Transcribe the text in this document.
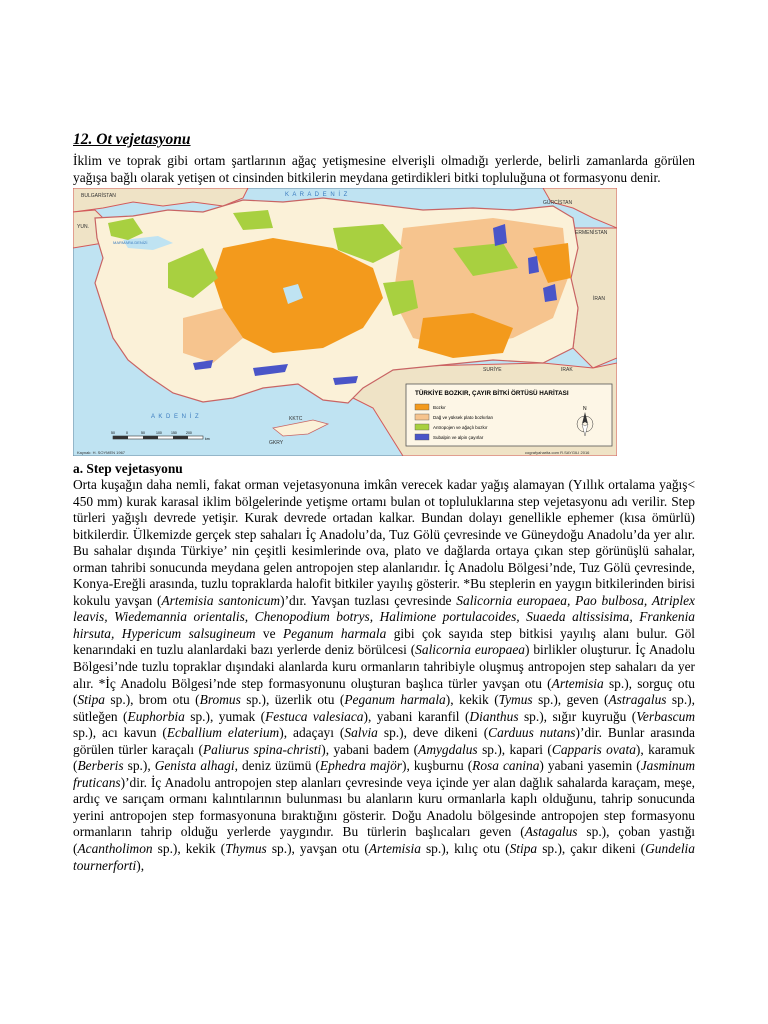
12. Ot vejetasyonu

İklim ve toprak gibi ortam şartlarının ağaç yetişmesine elverişli olmadığı yerlerde, belirli zamanlarda görülen yağışa bağlı olarak yetişen ot cinsinden bitkilerin meydana getirdikleri bitki topluluğuna ot formasyonu denir.

BULGARİSTAN
GÜRCİSTAN
YUN.
ERMENİSTAN
İRAN
SURİYE	IRAK
KKTC
GKRY
K A R A D E N İ Z
A K D E N İ Z
MARMARA DENİZİ
50	0	50	100	150	200
km
TÜRKİYE BOZKIR, ÇAYIR BİTKİ ÖRTÜSÜ HARİTASI
Bozkır
Dağ ve yüksek plato bozkırları
Antropojen ve ağaçlı bozkır
Subalpin ve alpin çayırlar
N
Kaynak: H. SOYMEN 1967	cografyaharita.com R.SAYGILI 2016
a. Step vejetasyonu

Orta kuşağın daha nemli, fakat orman vejetasyonuna imkân verecek kadar yağış alamayan (Yıllık ortalama yağış< 450 mm) kurak karasal iklim bölgelerinde yetişme ortamı bulan ot topluluklarına step vejetasyonu adı verilir. Step türleri yağışlı devrede yetişir. Kurak devrede ortadan kalkar. Bundan dolayı genellikle ephemer (kısa ömürlü) bitkilerdir. Ülkemizde gerçek step sahaları İç Anadolu’da, Tuz Gölü çevresinde ve Güneydoğu Anadolu’da yer alır. Bu sahalar dışında Türkiye’ nin çeşitli kesimlerinde ova, plato ve dağlarda ortaya çıkan step görünüşlü sahalar, orman tahribi sonucunda meydana gelen antropojen step alanlarıdır. İç Anadolu Bölgesi’nde, Tuz Gölü çevresinde, Konya-Ereğli arasında, tuzlu topraklarda halofit bitkiler yayılış gösterir. *Bu steplerin en yaygın bitkilerinden birisi kokulu yavşan (Artemisia santonicum)’dır. Yavşan tuzlası çevresinde Salicornia europaea, Pao bulbosa, Atriplex leavis, Wiedemannia orientalis, Chenopodium botrys, Halimione portulacoides, Suaeda altissisima, Frankenia hirsuta, Hypericum salsugineum ve Peganum harmala gibi çok sayıda step bitkisi yayılış alanı bulur. Göl kenarındaki en tuzlu alanlardaki bazı yerlerde deniz börülcesi (Salicornia europaea) birlikler oluşturur. İç Anadolu Bölgesi’nde tuzlu topraklar dışındaki alanlarda kuru ormanların tahribiyle oluşmuş antropojen step sahaları da yer alır. *İç Anadolu Bölgesi’nde step formasyonunu oluşturan başlıca türler yavşan otu (Artemisia sp.), sorguç otu (Stipa sp.), brom otu (Bromus sp.), üzerlik otu (Peganum harmala), kekik (Tymus sp.), geven (Astragalus sp.), sütleğen (Euphorbia sp.), yumak (Festuca valesiaca), yabani karanfil (Dianthus sp.), sığır kuyruğu (Verbascum sp.), acı kavun (Ecballium elaterium), adaçayı (Salvia sp.), deve dikeni (Carduus nutans)’dir. Bunlar arasında görülen türler karaçalı (Paliurus spina-christi), yabani badem (Amygdalus sp.), kapari (Capparis ovata), karamuk (Berberis sp.), Genista alhagi, deniz üzümü (Ephedra majör), kuşburnu (Rosa canina) yabani yasemin (Jasminum fruticans)’dir. İç Anadolu antropojen step alanları çevresinde veya içinde yer alan dağlık sahalarda karaçam, meşe, ardıç ve sarıçam ormanı kalıntılarının bulunması bu alanların kuru ormanlarla kaplı olduğunu, tahrip sonucunda yerini antropojen step formasyonuna bıraktığını gösterir. Doğu Anadolu bölgesinde antropojen step formasyonu ormanların tahrip olduğu yerlerde yaygındır. Bu türlerin başlıcaları geven (Astagalus sp.), çoban yastığı (Acantholimon sp.), kekik (Thymus sp.), yavşan otu (Artemisia sp.), kılıç otu (Stipa sp.), çakır dikeni (Gundelia tournerforti),
